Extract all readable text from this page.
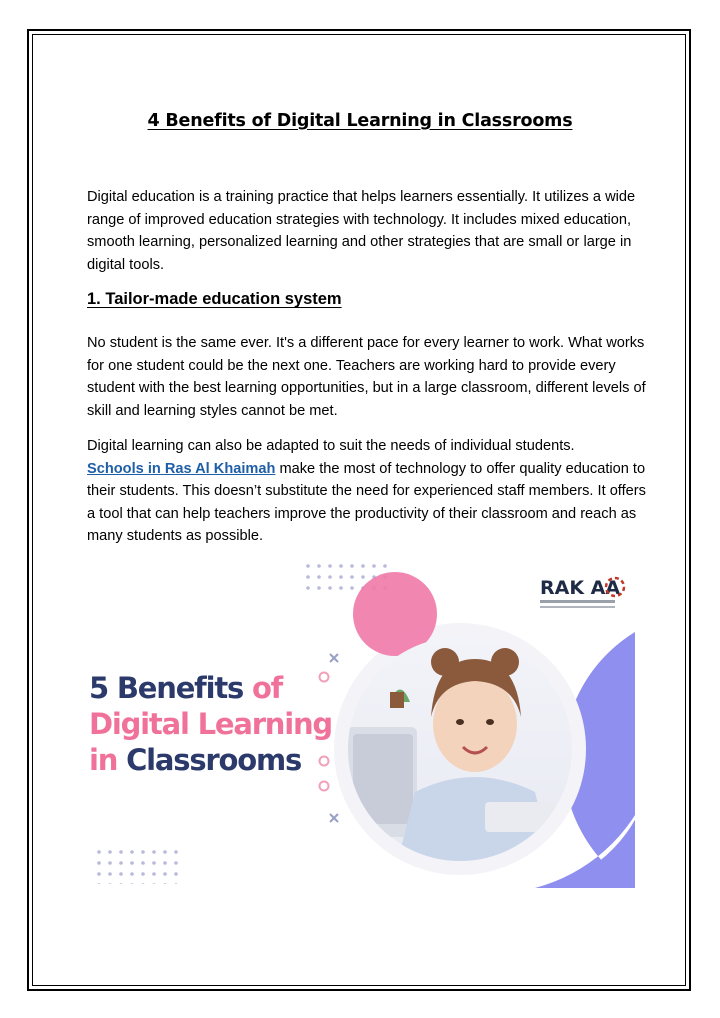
4 Benefits of Digital Learning in Classrooms

Digital education is a training practice that helps learners essentially. It utilizes a wide range of improved education strategies with technology. It includes mixed education, smooth learning, personalized learning and other strategies that are small or large in digital tools.

1. Tailor-made education system

No student is the same ever. It's a different pace for every learner to work. What works for one student could be the next one. Teachers are working hard to provide every student with the best learning opportunities, but in a large classroom, different levels of skill and learning styles cannot be met.

Digital learning can also be adapted to suit the needs of individual students.
Schools in Ras Al Khaimah make the most of technology to offer quality education to their students. This doesn’t substitute the need for experienced staff members. It offers a tool that can help teachers improve the productivity of their classroom and reach as many students as possible.

5 Benefits of
Digital Learning
in Classrooms
RAK AA
